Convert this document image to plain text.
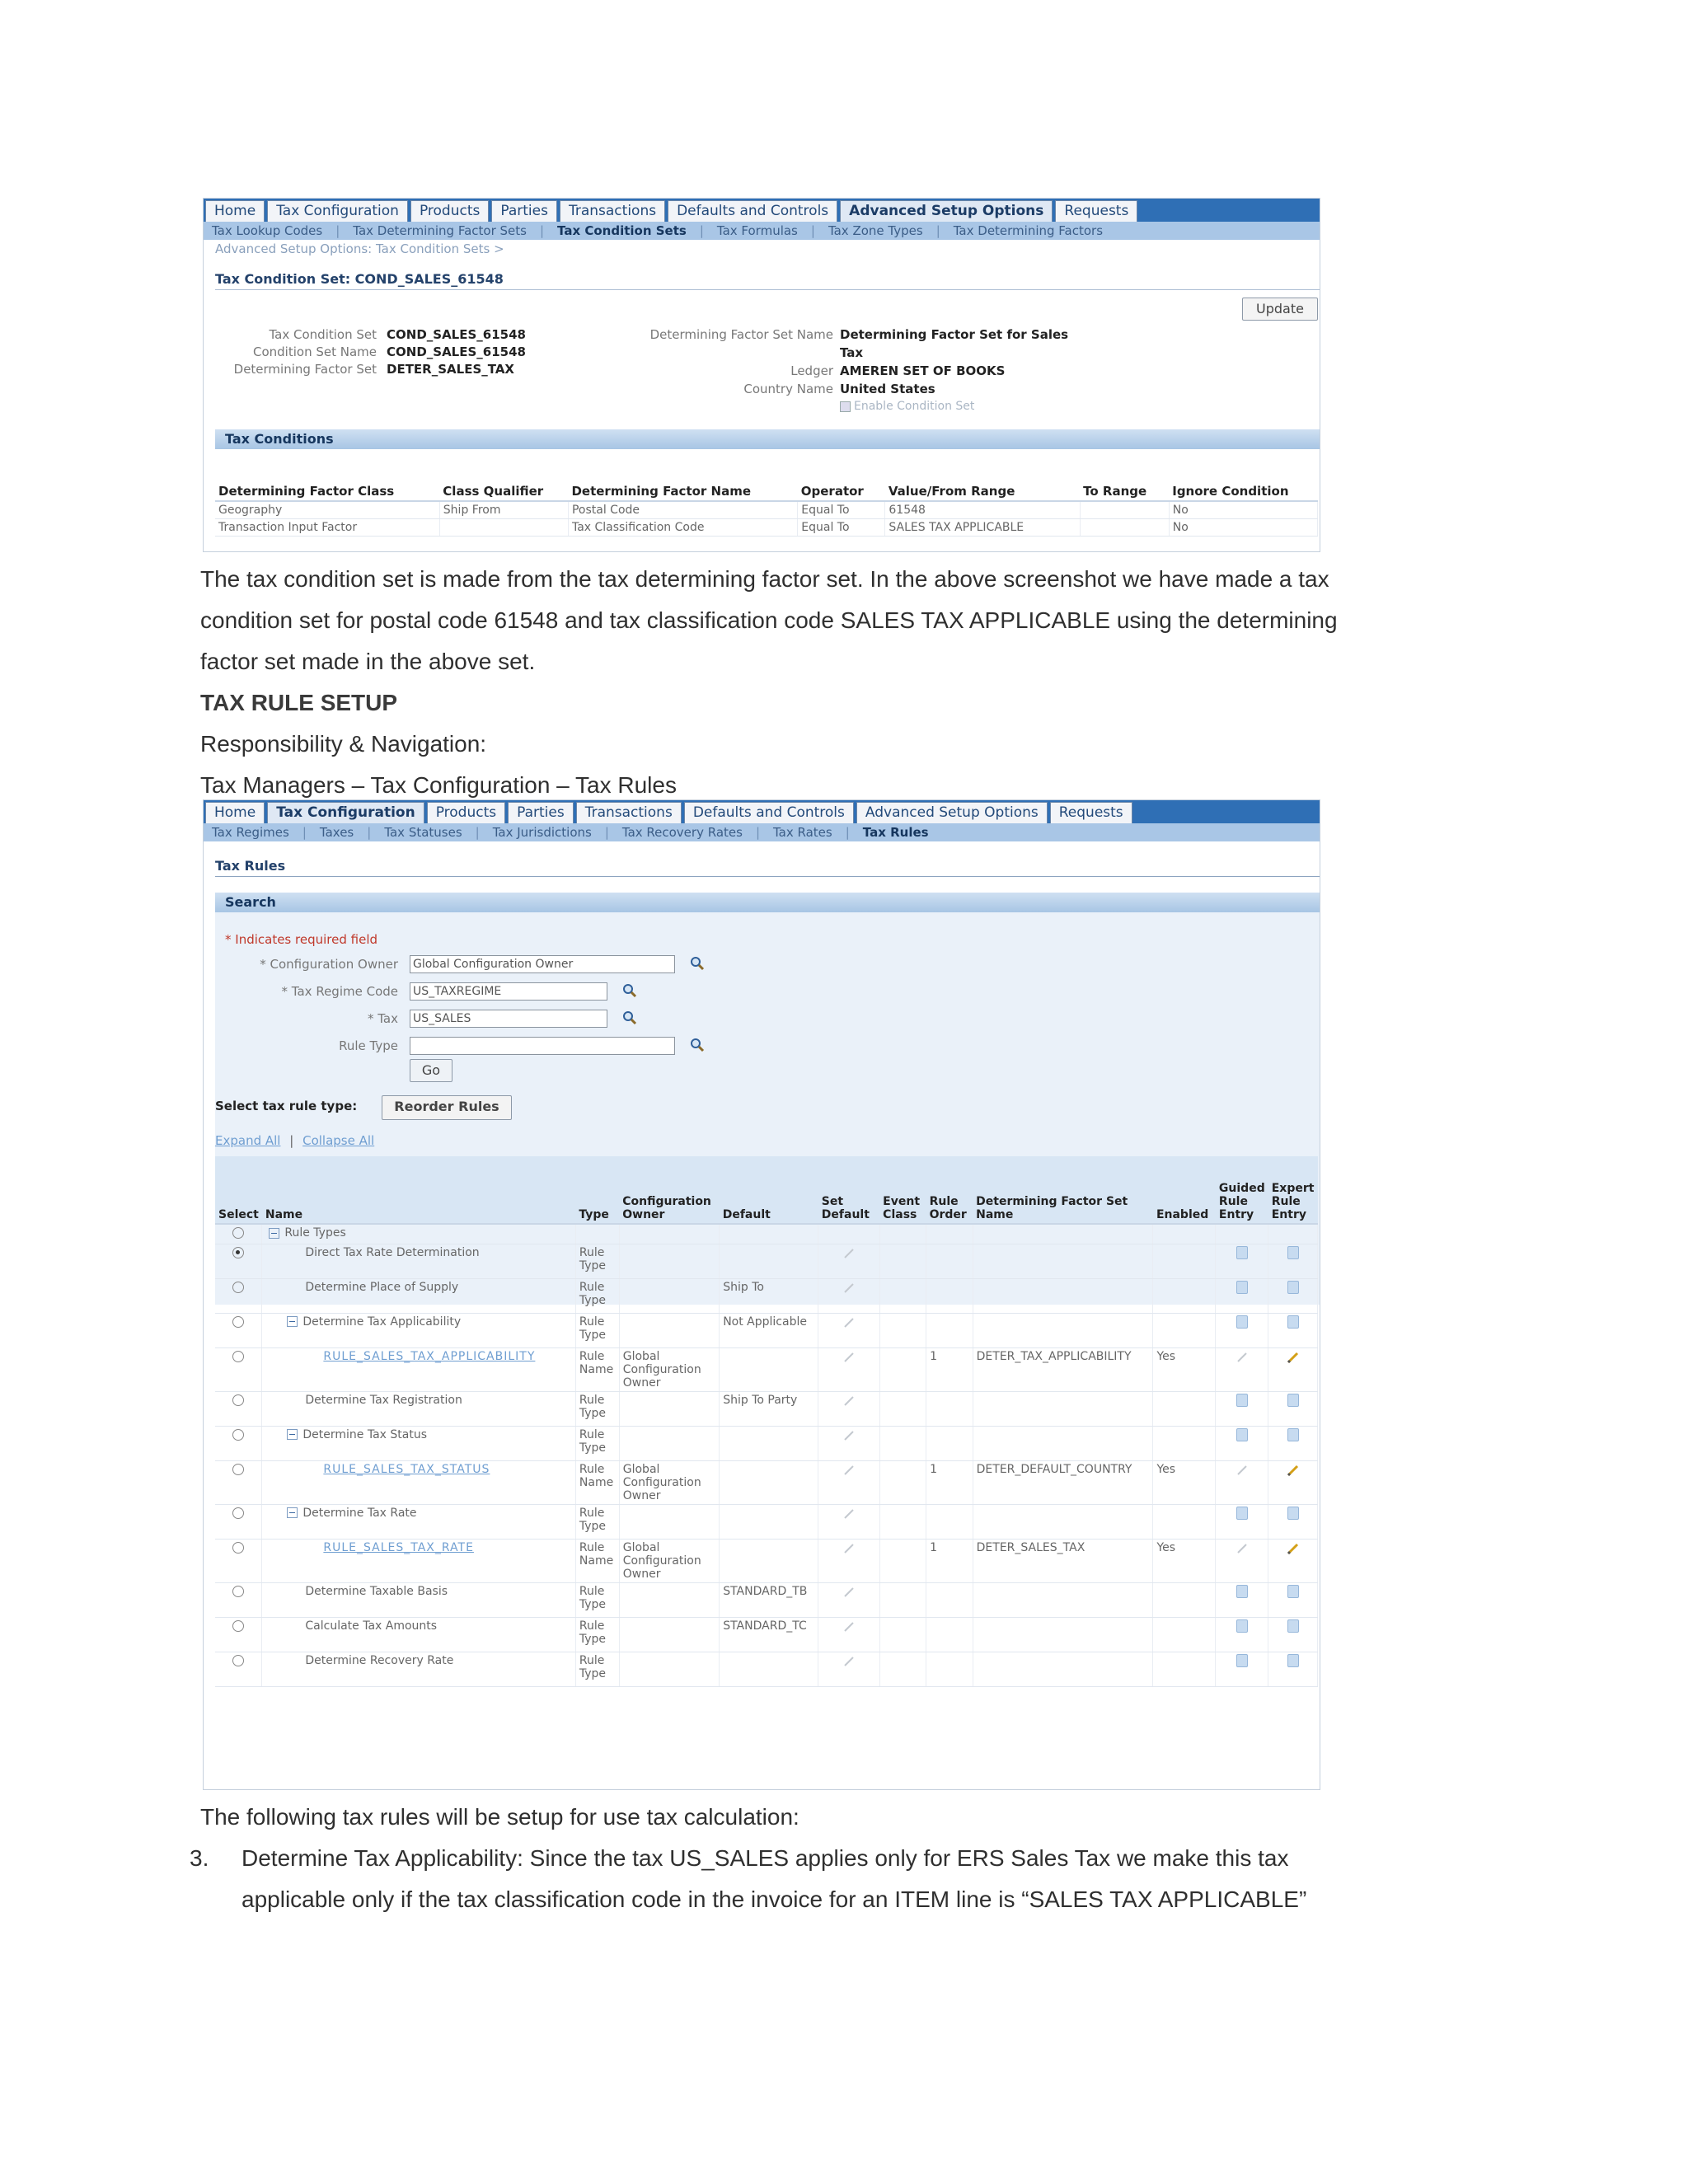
Home	Tax Configuration	Products	Parties	Transactions	Defaults and Controls	Advanced Setup Options	Requests
Tax Lookup Codes | Tax Determining Factor Sets | Tax Condition Sets | Tax Formulas | Tax Zone Types | Tax Determining Factors
Advanced Setup Options: Tax Condition Sets >
Tax Condition Set: COND_SALES_61548
Update
Tax Condition Set COND_SALES_61548
Condition Set Name COND_SALES_61548
Determining Factor Set DETER_SALES_TAX
Determining Factor Set Name Determining Factor Set for Sales
Tax
Ledger AMEREN SET OF BOOKS
Country Name United States
Enable Condition Set
Tax Conditions
Determining Factor Class	Class Qualifier	Determining Factor Name	Operator	Value/From Range	To Range	Ignore Condition
Geography	Ship From	Postal Code	Equal To	61548		No
Transaction Input Factor		Tax Classification Code	Equal To	SALES TAX APPLICABLE		No
The tax condition set is made from the tax determining factor set. In the above screenshot we have made a tax
condition set for postal code 61548 and tax classification code SALES TAX APPLICABLE using the determining
factor set made in the above set.
TAX RULE SETUP
Responsibility & Navigation:
Tax Managers – Tax Configuration – Tax Rules
Home	Tax Configuration	Products	Parties	Transactions	Defaults and Controls	Advanced Setup Options	Requests
Tax Regimes | Taxes | Tax Statuses | Tax Jurisdictions | Tax Recovery Rates | Tax Rates | Tax Rules
Tax Rules
Search
* Indicates required field
* Configuration Owner Global Configuration Owner
* Tax Regime Code US_TAXREGIME
* Tax US_SALES
Rule Type
Go
Select tax rule type:	Reorder Rules
Expand All | Collapse All
Select	Name	Type	Configuration Owner	Default	Set Default	Event Class	Rule Order	Determining Factor Set Name	Enabled	Guided Rule Entry	Expert Rule Entry
	Rule Types										
	Direct Tax Rate Determination	Rule Type									
	Determine Place of Supply	Rule Type		Ship To							
	Determine Tax Applicability	Rule Type		Not Applicable							
	RULE_SALES_TAX_APPLICABILITY	Rule Name	Global Configuration Owner				1	DETER_TAX_APPLICABILITY	Yes		
	Determine Tax Registration	Rule Type		Ship To Party							
	Determine Tax Status	Rule Type									
	RULE_SALES_TAX_STATUS	Rule Name	Global Configuration Owner				1	DETER_DEFAULT_COUNTRY	Yes		
	Determine Tax Rate	Rule Type									
	RULE_SALES_TAX_RATE	Rule Name	Global Configuration Owner				1	DETER_SALES_TAX	Yes		
	Determine Taxable Basis	Rule Type		STANDARD_TB							
	Calculate Tax Amounts	Rule Type		STANDARD_TC							
	Determine Recovery Rate	Rule Type									
The following tax rules will be setup for use tax calculation:
3.	Determine Tax Applicability: Since the tax US_SALES applies only for ERS Sales Tax we make this tax
applicable only if the tax classification code in the invoice for an ITEM line is “SALES TAX APPLICABLE”
